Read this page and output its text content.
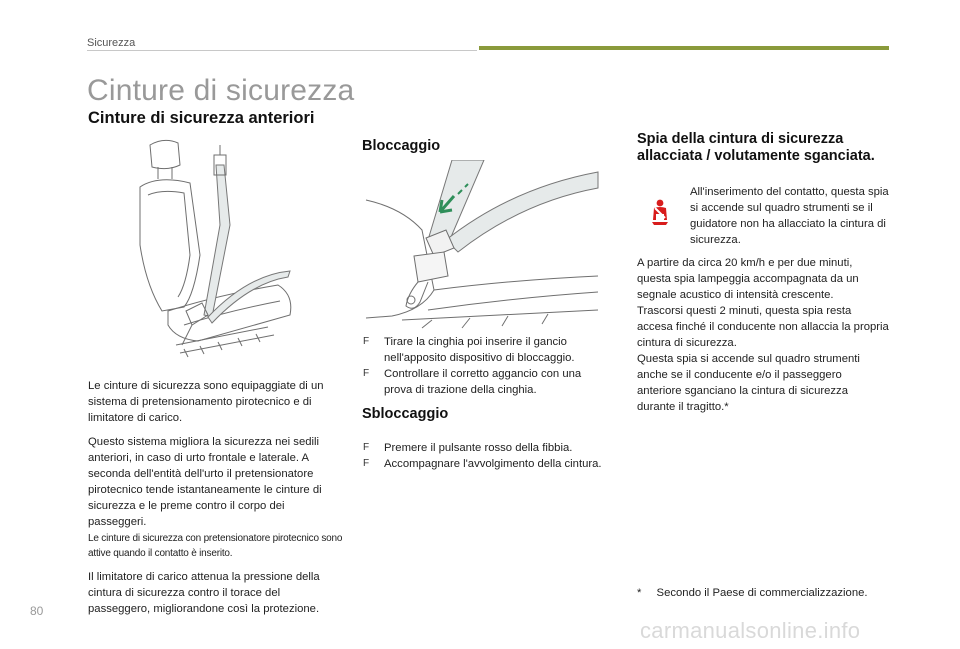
Sicurezza
Cinture di sicurezza
Cinture di sicurezza anteriori

Le cinture di sicurezza sono equipaggiate di un sistema di pretensionamento pirotecnico e di limitatore di carico.

Questo sistema migliora la sicurezza nei sedili anteriori, in caso di urto frontale e laterale. A seconda dell'entità dell'urto il pretensionatore pirotecnico tende istantaneamente le cinture di sicurezza e le preme contro il corpo dei passeggeri.

Le cinture di sicurezza con pretensionatore pirotecnico sono attive quando il contatto è inserito.

Il limitatore di carico attenua la pressione della cintura di sicurezza contro il torace del passeggero, migliorandone così la protezione.

Bloccaggio

F Tirare la cinghia poi inserire il gancio nell'apposito dispositivo di bloccaggio.

F Controllare il corretto aggancio con una prova di trazione della cinghia.

Sbloccaggio

F Premere il pulsante rosso della fibbia.

F Accompagnare l'avvolgimento della cintura.

Spia della cintura di sicurezza allacciata / volutamente sganciata.
All'inserimento del contatto, questa spia si accende sul quadro strumenti se il guidatore non ha allacciato la cintura di sicurezza.

A partire da circa 20 km/h e per due minuti, questa spia lampeggia accompagnata da un segnale acustico di intensità crescente.

Trascorsi questi 2 minuti, questa spia resta accesa finché il conducente non allaccia la propria cintura di sicurezza.

Questa spia si accende sul quadro strumenti anche se il conducente e/o il passeggero anteriore sganciano la cintura di sicurezza durante il tragitto.*

* Secondo il Paese di commercializzazione.
80
carmanualsonline.info
